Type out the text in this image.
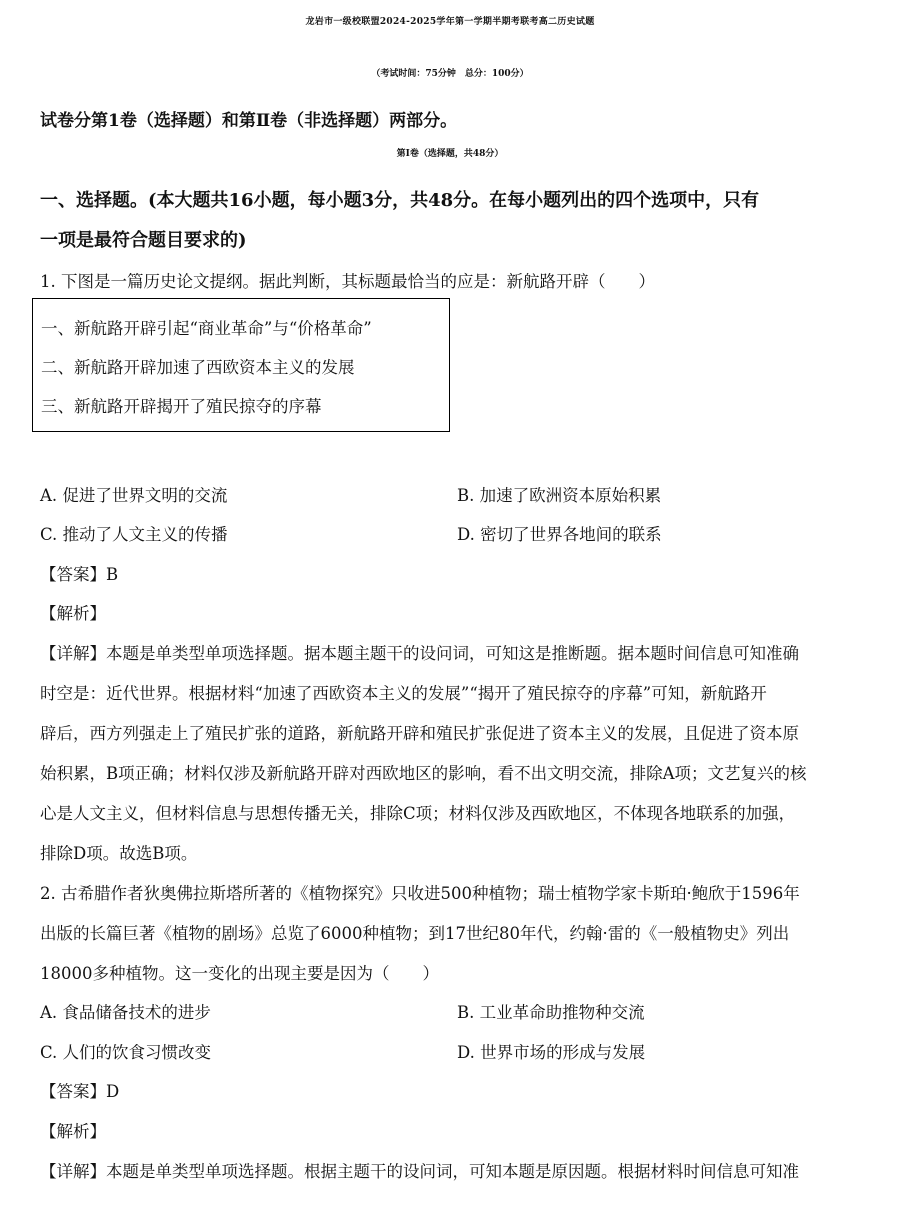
龙岩市一级校联盟2024-2025学年第一学期半期考联考高二历史试题
（考试时间：75分钟　总分：100分）
试卷分第1卷（选择题）和第Ⅱ卷（非选择题）两部分。
第Ⅰ卷（选择题，共48分）
一、选择题。(本大题共16小题，每小题3分，共48分。在每小题列出的四个选项中，只有
一项是最符合题目要求的)
1. 下图是一篇历史论文提纲。据此判断，其标题最恰当的应是：新航路开辟（　　）
一、新航路开辟引起“商业革命”与“价格革命”
二、新航路开辟加速了西欧资本主义的发展
三、新航路开辟揭开了殖民掠夺的序幕
A. 促进了世界文明的交流	B. 加速了欧洲资本原始积累
C. 推动了人文主义的传播	D. 密切了世界各地间的联系
【答案】B
【解析】
【详解】本题是单类型单项选择题。据本题主题干的设问词，可知这是推断题。据本题时间信息可知准确
时空是：近代世界。根据材料“加速了西欧资本主义的发展”“揭开了殖民掠夺的序幕”可知，新航路开
辟后，西方列强走上了殖民扩张的道路，新航路开辟和殖民扩张促进了资本主义的发展，且促进了资本原
始积累，B项正确；材料仅涉及新航路开辟对西欧地区的影响，看不出文明交流，排除A项；文艺复兴的核
心是人文主义，但材料信息与思想传播无关，排除C项；材料仅涉及西欧地区，不体现各地联系的加强，
排除D项。故选B项。
2. 古希腊作者狄奥佛拉斯塔所著的《植物探究》只收进500种植物；瑞士植物学家卡斯珀·鲍欣于1596年
出版的长篇巨著《植物的剧场》总览了6000种植物；到17世纪80年代，约翰·雷的《一般植物史》列出
18000多种植物。这一变化的出现主要是因为（　　）
A. 食品储备技术的进步	B. 工业革命助推物种交流
C. 人们的饮食习惯改变	D. 世界市场的形成与发展
【答案】D
【解析】
【详解】本题是单类型单项选择题。根据主题干的设问词，可知本题是原因题。根据材料时间信息可知准
